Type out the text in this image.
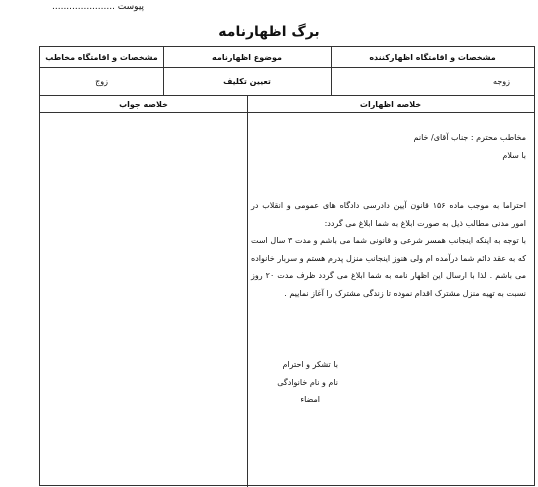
پیوست ......................
برگ اظهارنامه
مشخصات و اقامتگاه اظهارکننده
موضوع اظهارنامه
مشخصات و اقامتگاه مخاطب
زوجه
تعیین تکلیف
زوج
خلاصه اظهارات
خلاصه جواب

مخاطب محترم : جناب آقای/ خانم

با سلام

احتراما به موجب ماده ۱۵۶ قانون آیین دادرسی دادگاه های عمومی و انقلاب در امور مدنی مطالب ذیل به صورت ابلاغ به شما ابلاغ می گردد:

با توجه به اینکه اینجانب همسر شرعی و قانونی شما می باشم و مدت ۳ سال است که به عقد دائم شما درآمده ام ولی هنوز اینجانب منزل پدرم هستم و سربار خانواده می باشم . لذا با ارسال این اظهار نامه به شما ابلاغ می گردد ظرف مدت ۲۰ روز نسبت به تهیه منزل مشترک اقدام نموده تا زندگی مشترک را آغاز نماییم .

با تشکر و احترام

نام و نام خانوادگی

امضاء
